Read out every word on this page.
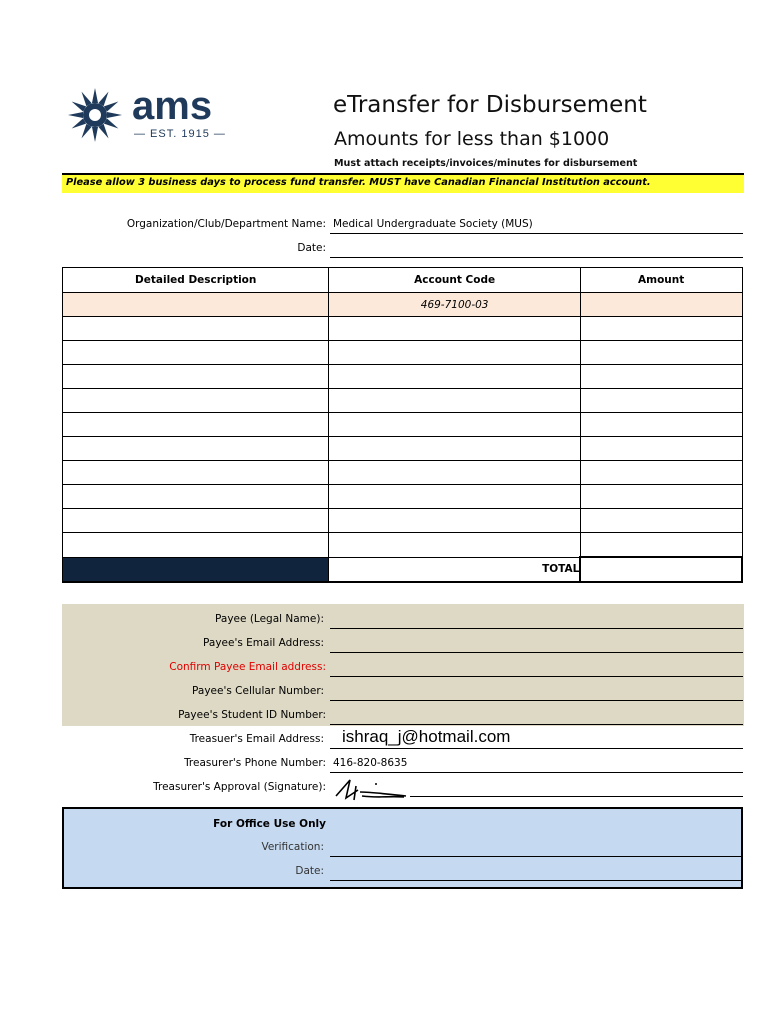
ams
— EST. 1915 —
eTransfer for Disbursement
Amounts for less than $1000
Must attach receipts/invoices/minutes for disbursement
Please allow 3 business days to process fund transfer. MUST have Canadian Financial Institution account.
Organization/Club/Department Name: Medical Undergraduate Society (MUS)
Date:
Detailed Description	Account Code	Amount
	469-7100-03	

	TOTAL	
Payee (Legal Name):
Payee's Email Address:
Confirm Payee Email address:
Payee's Cellular Number:
Payee's Student ID Number:
Treasuer's Email Address: ishraq_j@hotmail.com
Treasurer's Phone Number: 416-820-8635
Treasurer's Approval (Signature):
For Office Use Only
Verification:
Date:
